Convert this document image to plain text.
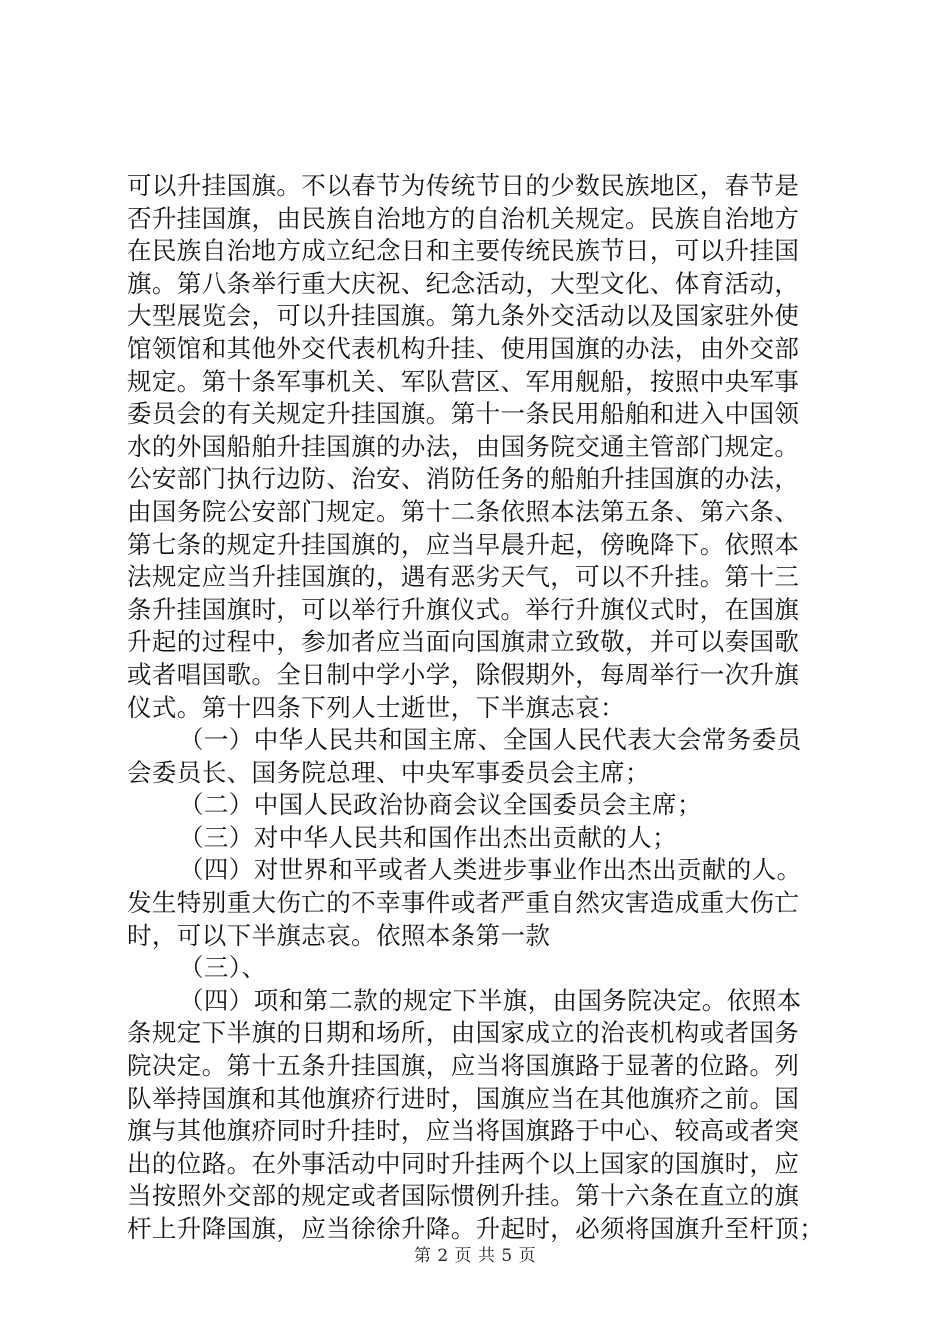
可以升挂国旗。不以春节为传统节日的少数民族地区，春节是
否升挂国旗，由民族自治地方的自治机关规定。民族自治地方
在民族自治地方成立纪念日和主要传统民族节日，可以升挂国
旗。第八条举行重大庆祝、纪念活动，大型文化、体育活动，
大型展览会，可以升挂国旗。第九条外交活动以及国家驻外使
馆领馆和其他外交代表机构升挂、使用国旗的办法，由外交部
规定。第十条军事机关、军队营区、军用舰船，按照中央军事
委员会的有关规定升挂国旗。第十一条民用船舶和进入中国领
水的外国船舶升挂国旗的办法，由国务院交通主管部门规定。
公安部门执行边防、治安、消防任务的船舶升挂国旗的办法，
由国务院公安部门规定。第十二条依照本法第五条、第六条、
第七条的规定升挂国旗的，应当早晨升起，傍晚降下。依照本
法规定应当升挂国旗的，遇有恶劣天气，可以不升挂。第十三
条升挂国旗时，可以举行升旗仪式。举行升旗仪式时，在国旗
升起的过程中，参加者应当面向国旗肃立致敬，并可以奏国歌
或者唱国歌。全日制中学小学，除假期外，每周举行一次升旗
仪式。第十四条下列人士逝世，下半旗志哀：
（一）中华人民共和国主席、全国人民代表大会常务委员
会委员长、国务院总理、中央军事委员会主席；
（二）中国人民政治协商会议全国委员会主席；
（三）对中华人民共和国作出杰出贡献的人；
（四）对世界和平或者人类进步事业作出杰出贡献的人。
发生特别重大伤亡的不幸事件或者严重自然灾害造成重大伤亡
时，可以下半旗志哀。依照本条第一款
（三）、
（四）项和第二款的规定下半旗，由国务院决定。依照本
条规定下半旗的日期和场所，由国家成立的治丧机构或者国务
院决定。第十五条升挂国旗，应当将国旗路于显著的位路。列
队举持国旗和其他旗疥行进时，国旗应当在其他旗疥之前。国
旗与其他旗疥同时升挂时，应当将国旗路于中心、较高或者突
出的位路。在外事活动中同时升挂两个以上国家的国旗时，应
当按照外交部的规定或者国际惯例升挂。第十六条在直立的旗
杆上升降国旗，应当徐徐升降。升起时，必须将国旗升至杆顶；
第 2 页 共 5 页
